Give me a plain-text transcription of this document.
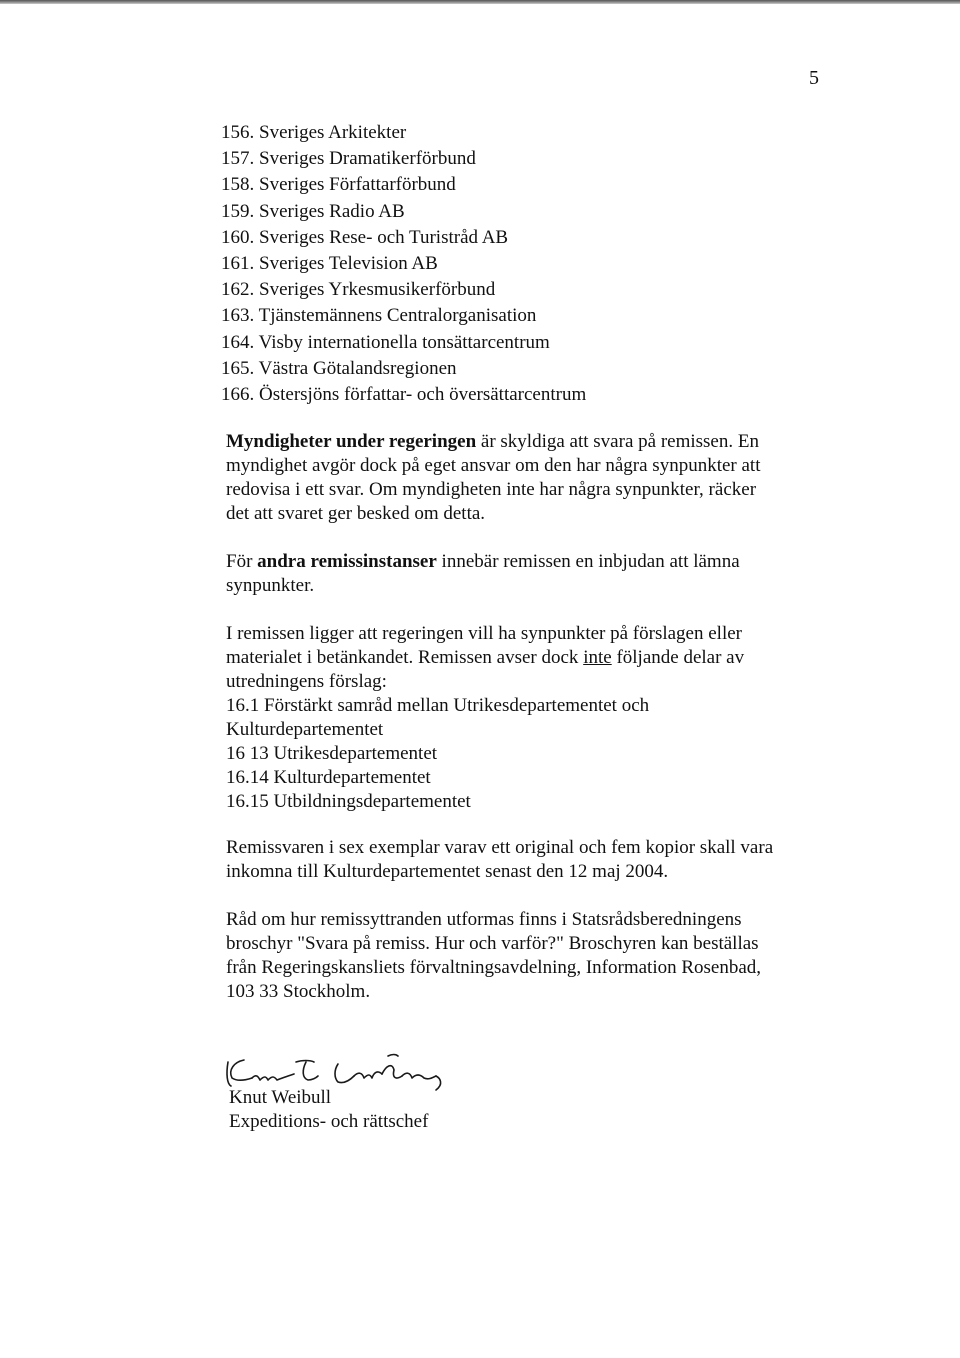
5
156. Sveriges Arkitekter
157. Sveriges Dramatikerförbund
158. Sveriges Författarförbund
159. Sveriges Radio AB
160. Sveriges Rese- och Turistråd AB
161. Sveriges Television AB
162. Sveriges Yrkesmusikerförbund
163. Tjänstemännens Centralorganisation
164. Visby internationella tonsättarcentrum
165. Västra Götalandsregionen
166. Östersjöns författar- och översättarcentrum
Myndigheter under regeringen är skyldiga att svara på remissen. En
myndighet avgör dock på eget ansvar om den har några synpunkter att
redovisa i ett svar. Om myndigheten inte har några synpunkter, räcker
det att svaret ger besked om detta.
För andra remissinstanser innebär remissen en inbjudan att lämna
synpunkter.
I remissen ligger att regeringen vill ha synpunkter på förslagen eller
materialet i betänkandet. Remissen avser dock inte följande delar av
utredningens förslag:
16.1 Förstärkt samråd mellan Utrikesdepartementet och
Kulturdepartementet
16 13 Utrikesdepartementet
16.14 Kulturdepartementet
16.15 Utbildningsdepartementet
Remissvaren i sex exemplar varav ett original och fem kopior skall vara
inkomna till Kulturdepartementet senast den 12 maj 2004.
Råd om hur remissyttranden utformas finns i Statsrådsberedningens
broschyr "Svara på remiss. Hur och varför?" Broschyren kan beställas
från Regeringskansliets förvaltningsavdelning, Information Rosenbad,
103 33 Stockholm.
Knut Weibull
Expeditions- och rättschef
